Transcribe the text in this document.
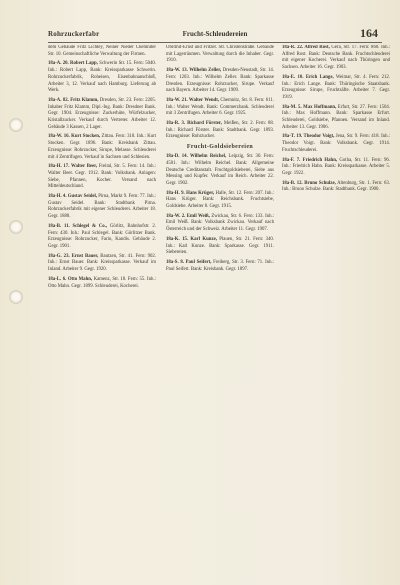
Rohrzuckerfabr	Frucht-Schleudereien	164

dem Gebäude Fritz Lichtey, Neiner Nieder Chemniter Str. 10. Gemeinschaftliche Verwaltung der Firmen.

18a-A. 20. Robert Lapp, Schwerin Str. 15. Fern: 5040. Inh.: Robert Lapp, Bank: Kreissparkasse Schwerin. Rohrzuckerfabrik, Roheisen, Eisenbahnanschluß, Arbeiter 3, 12. Verkauf nach Hamburg. Lieferung ab Werk.

18a-A. 82. Fritz Klamm, Dresden, Str. 23. Fern: 2205. Inhaber Fritz Klamm, Dipl.-Ing. Bank: Dresdner Bank. Gegr. 1904. Erzeugnisse: Zuckerhüte, Würfelzucker, Kristallzucker. Verkauf durch Vertreter. Arbeiter 12. Gebäude 3 Kassen, 2 Lager.

18a-W. 16. Kurt Stocken, Zittau. Fern: 318. Inh.: Kurt Stocken. Gegr. 1896. Bank: Kreisbank Zittau. Erzeugnisse: Rohrzucker, Sirupe, Melasse. Schleuderei mit 4 Zentrifugen. Verkauf in Sachsen und Schlesien.

18a-H. 17. Walter Beer, Freital, Str. 5. Fern: 14. Inh.: Walter Beer. Gegr. 1912. Bank: Volksbank. Anlagen: Siebe, Pfannen, Kocher. Versand nach Mitteldeutschland.

18a-H. 4. Gustav Seidel, Pirna, Markt 9. Fern: 77. Inh.: Gustav Seidel. Bank: Stadtbank Pirna. Rohrzuckerfabrik mit eigener Schleuderei. Arbeiter 18. Gegr. 1888.

18a-B. 11. Schlegel & Co., Görlitz, Bahnhofstr. 2. Fern: 430. Inh.: Paul Schlegel. Bank: Görlitzer Bank. Erzeugnisse: Rohrzucker, Farin, Kandis. Gebäude 2. Gegr. 1901.

18a-G. 23. Ernst Bauer, Bautzen, Str. 41. Fern: 902. Inh.: Ernst Bauer. Bank: Kreissparkasse. Verkauf im Inland. Arbeiter 9. Gegr. 1920.

18a-L. 6. Otto Mahn, Kamenz, Str. 18. Fern: 55. Inh.: Otto Mahn. Gegr. 1899. Schleuderei, Kocherei.

Ohrdruf-Ernst und Fritzer. Str. Christenstraße. Gebäude mit Lagerräumen. Verwaltung durch die Inhaber. Gegr. 1910.

18a-W. 13. Wilhelm Zeller, Dresden-Neustadt, Str. 14. Fern: 1203. Inh.: Wilhelm Zeller. Bank: Sparkasse Dresden. Erzeugnisse: Rohrzucker, Sirupe. Verkauf nach Bayern. Arbeiter 14. Gegr. 1909.

18a-W. 21. Walter Wendt, Chemnitz, Str. 8. Fern: 611. Inh.: Walter Wendt. Bank: Commerzbank. Schleuderei mit 3 Zentrifugen. Arbeiter 6. Gegr. 1925.

18a-R. 3. Richard Förster, Meißen, Str. 2. Fern: 88. Inh.: Richard Förster. Bank: Stadtbank. Gegr. 1893. Erzeugnisse: Rohrzucker.

Frucht-Goldsiebereien

18a-D. 14. Wilhelm Reichel, Leipzig, Str. 30. Fern: 4501. Inh.: Wilhelm Reichel. Bank: Allgemeine Deutsche Creditanstalt. Fruchtgoldsieberei, Siebe aus Messing und Kupfer. Verkauf im Reich. Arbeiter 22. Gegr. 1902.

18a-H. 9. Hans Krüger, Halle, Str. 12. Fern: 207. Inh.: Hans Krüger. Bank: Reichsbank. Fruchtsiebe, Goldsiebe. Arbeiter 8. Gegr. 1915.

18a-W. 2. Emil Weiß, Zwickau, Str. 6. Fern: 133. Inh.: Emil Weiß. Bank: Volksbank Zwickau. Verkauf nach Österreich und der Schweiz. Arbeiter 11. Gegr. 1907.

18a-K. 15. Karl Kunze, Plauen, Str. 21. Fern: 340. Inh.: Karl Kunze. Bank: Sparkasse. Gegr. 1911. Siebereien.

18a-S. 8. Paul Seifert, Freiberg, Str. 3. Fern: 71. Inh.: Paul Seifert. Bank: Kreisbank. Gegr. 1897.

18a-R. 22. Alfred Rost, Gera, Str. 17. Fern: 860. Inh.: Alfred Rost. Bank: Deutsche Bank. Fruchtschleuderei mit eigener Kocherei. Verkauf nach Thüringen und Sachsen. Arbeiter 16. Gegr. 1903.

18a-E. 10. Erich Lange, Weimar, Str. 4. Fern: 212. Inh.: Erich Lange. Bank: Thüringische Staatsbank. Erzeugnisse: Sirupe, Fruchtsäfte. Arbeiter 7. Gegr. 1919.

18a-M. 5. Max Hoffmann, Erfurt, Str. 27. Fern: 1504. Inh.: Max Hoffmann. Bank: Sparkasse Erfurt. Schleuderei, Goldsiebe, Pfannen. Versand im Inland. Arbeiter 13. Gegr. 1906.

18a-T. 19. Theodor Voigt, Jena, Str. 9. Fern: 418. Inh.: Theodor Voigt. Bank: Volksbank. Gegr. 1914. Fruchtschleuderei.

18a-F. 7. Friedrich Hahn, Gotha, Str. 11. Fern: 96. Inh.: Friedrich Hahn. Bank: Kreissparkasse. Arbeiter 5. Gegr. 1922.

18a-B. 12. Bruno Schulze, Altenburg, Str. 1. Fern: 63. Inh.: Bruno Schulze. Bank: Stadtbank. Gegr. 1900.
